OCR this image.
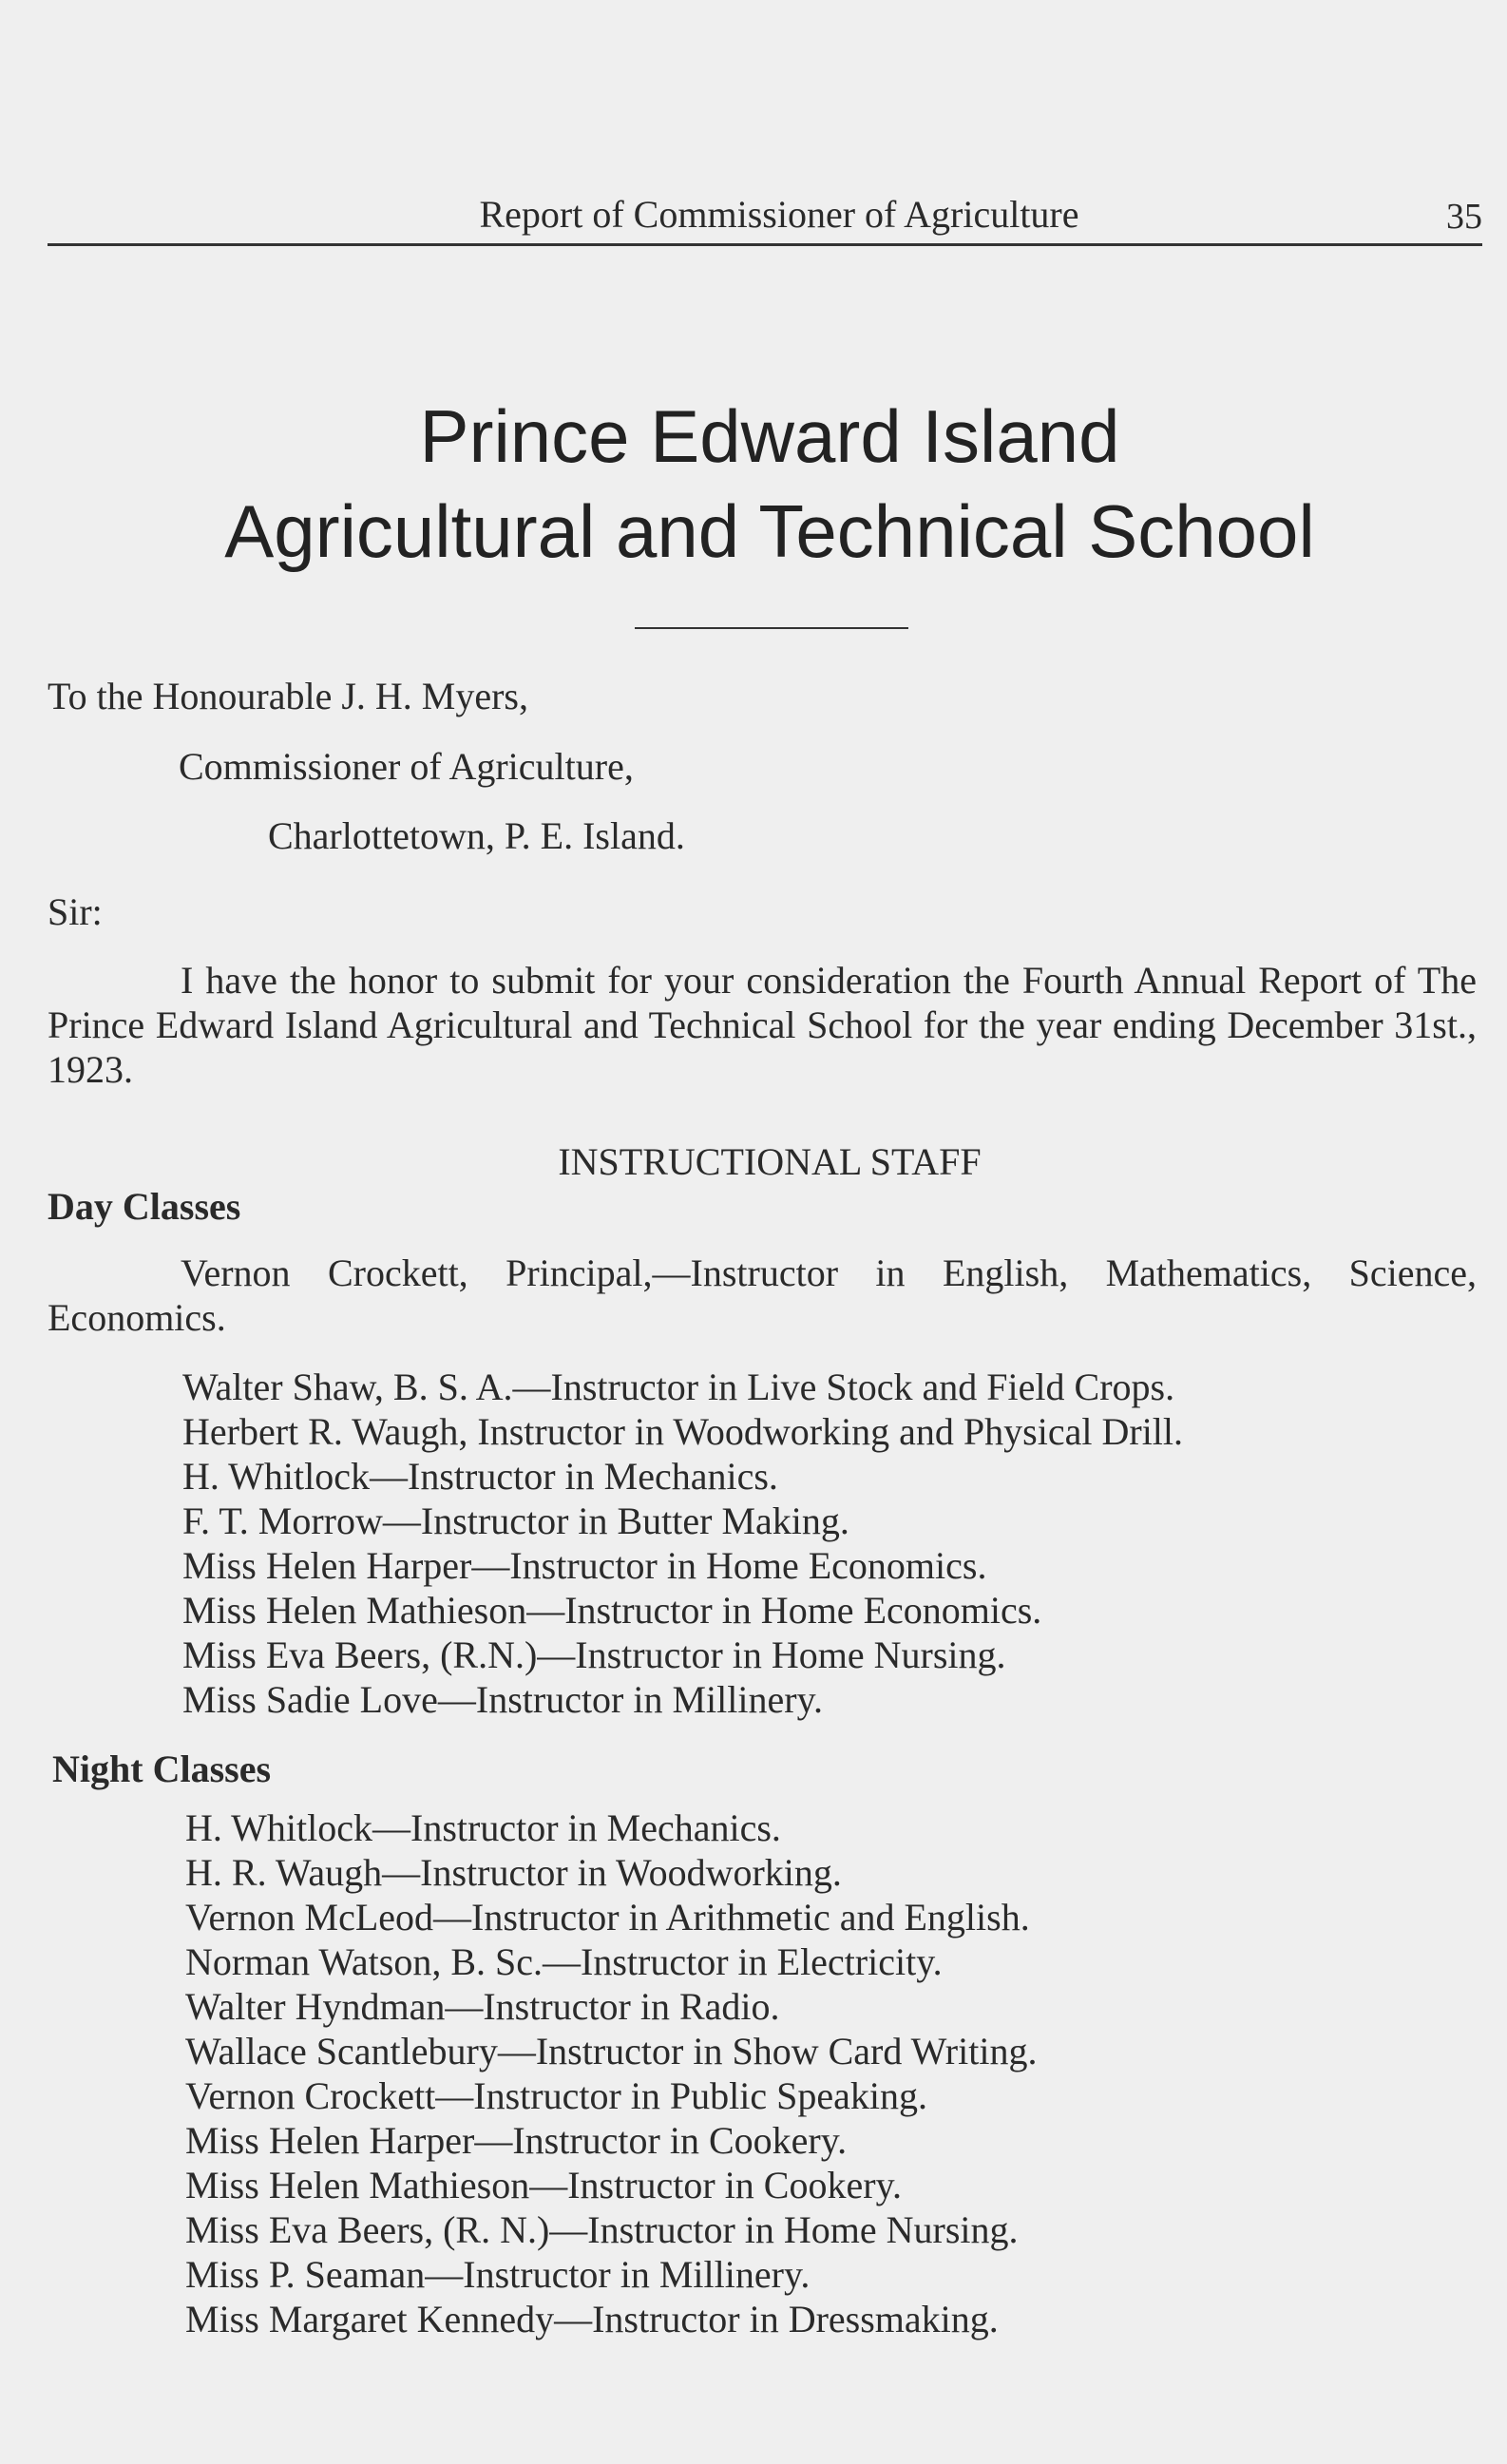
Report of Commissioner of Agriculture	35
Prince Edward Island
Agricultural and Technical School
To the Honourable J. H. Myers,
Commissioner of Agriculture,
Charlottetown, P. E. Island.
Sir:
I have the honor to submit for your consideration the Fourth Annual Report of The Prince Edward Island Agricultural and Technical School for the year ending December 31st., 1923.
INSTRUCTIONAL STAFF
Day Classes
Vernon Crockett, Principal,—Instructor in English, Mathematics, Science, Economics.
Walter Shaw, B. S. A.—Instructor in Live Stock and Field Crops.
Herbert R. Waugh, Instructor in Woodworking and Physical Drill.
H. Whitlock—Instructor in Mechanics.
F. T. Morrow—Instructor in Butter Making.
Miss Helen Harper—Instructor in Home Economics.
Miss Helen Mathieson—Instructor in Home Economics.
Miss Eva Beers, (R.N.)—Instructor in Home Nursing.
Miss Sadie Love—Instructor in Millinery.
Night Classes
H. Whitlock—Instructor in Mechanics.
H. R. Waugh—Instructor in Woodworking.
Vernon McLeod—Instructor in Arithmetic and English.
Norman Watson, B. Sc.—Instructor in Electricity.
Walter Hyndman—Instructor in Radio.
Wallace Scantlebury—Instructor in Show Card Writing.
Vernon Crockett—Instructor in Public Speaking.
Miss Helen Harper—Instructor in Cookery.
Miss Helen Mathieson—Instructor in Cookery.
Miss Eva Beers, (R. N.)—Instructor in Home Nursing.
Miss P. Seaman—Instructor in Millinery.
Miss Margaret Kennedy—Instructor in Dressmaking.
